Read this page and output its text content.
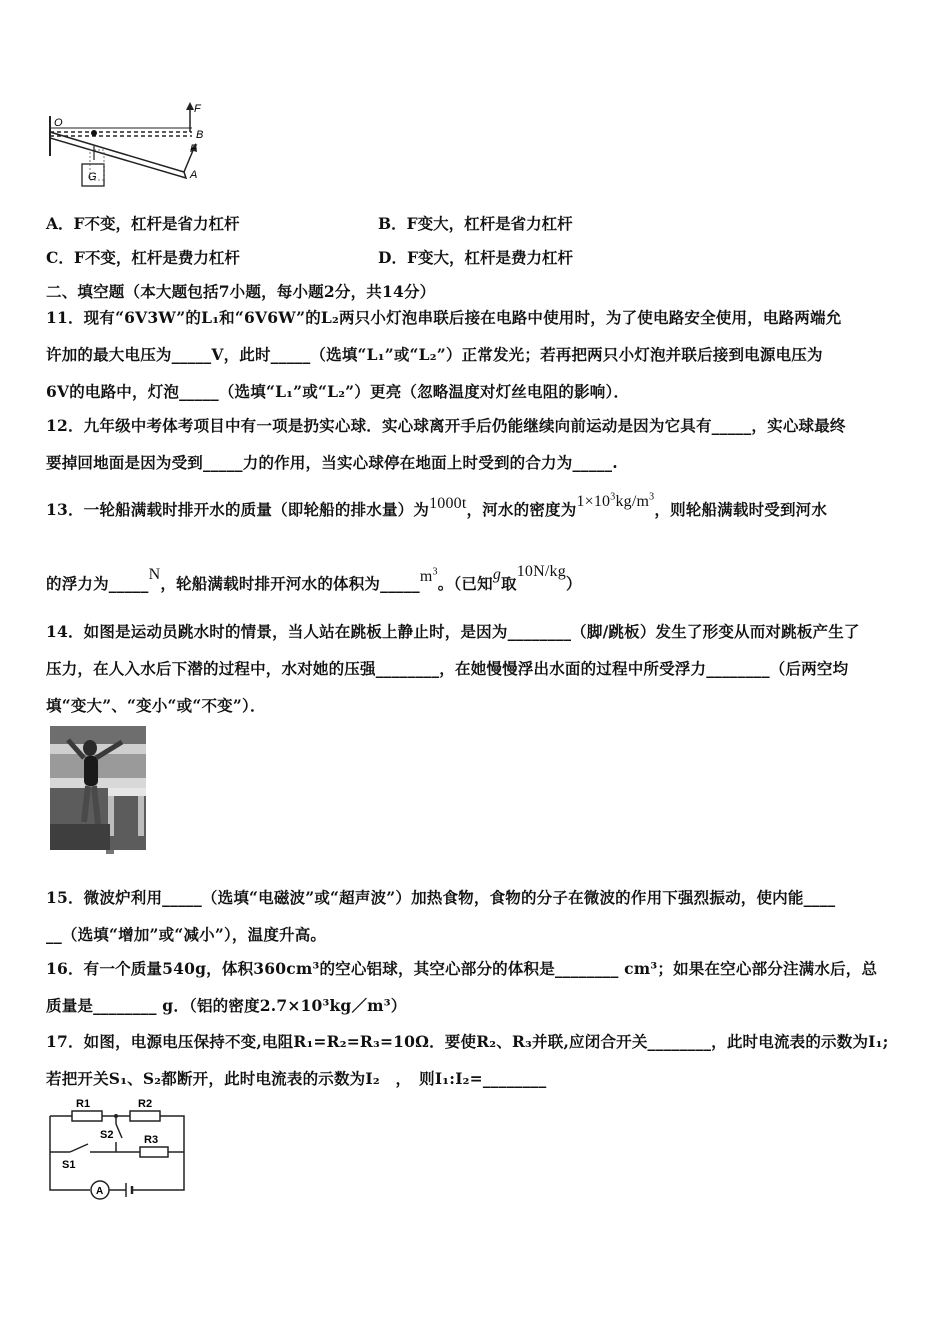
O
F
B
F
A
G
A．F不变，杠杆是省力杠杆	B．F变大，杠杆是省力杠杆
C．F不变，杠杆是费力杠杆	D．F变大，杠杆是费力杠杆
二、填空题（本大题包括7小题，每小题2分，共14分）
11．现有“6V3W”的L₁和“6V6W”的L₂两只小灯泡串联后接在电路中使用时，为了使电路安全使用，电路两端允
许加的最大电压为_____V，此时_____（选填“L₁”或“L₂”）正常发光；若再把两只小灯泡并联后接到电源电压为
6V的电路中，灯泡_____（选填“L₁”或“L₂”）更亮（忽略温度对灯丝电阻的影响）．
12．九年级中考体考项目中有一项是扔实心球．实心球离开手后仍能继续向前运动是因为它具有_____，实心球最终
要掉回地面是因为受到_____力的作用，当实心球停在地面上时受到的合力为_____.
13．一轮船满载时排开水的质量（即轮船的排水量）为1000t，河水的密度为$1\times 10^3kg/m^3$，则轮船满载时受到河水
的浮力为_____N，轮船满载时排开河水的体积为$\_\_\_\_\_m^3$。（已知g取10N/kg）
14．如图是运动员跳水时的情景，当人站在跳板上静止时，是因为________（脚/跳板）发生了形变从而对跳板产生了
压力，在人入水后下潜的过程中，水对她的压强________，在她慢慢浮出水面的过程中所受浮力________（后两空均
填“变大”、“变小“或“不变”）．
15．微波炉利用_____（选填“电磁波”或“超声波”）加热食物，食物的分子在微波的作用下强烈振动，使内能____
__（选填“增加”或“减小”），温度升高。
16．有一个质量540g，体积360cm³的空心铝球，其空心部分的体积是________ cm³；如果在空心部分注满水后，总
质量是________ g．（铝的密度2.7×10³kg／m³）
17．如图，电源电压保持不变,电阻R₁=R₂=R₃=10Ω．要使R₂、R₃并联,应闭合开关________，此时电流表的示数为I₁;
若把开关S₁、S₂都断开，此时电流表的示数为I₂　，　则I₁:I₂=________
R1	R2
R3
S2
S1
A
